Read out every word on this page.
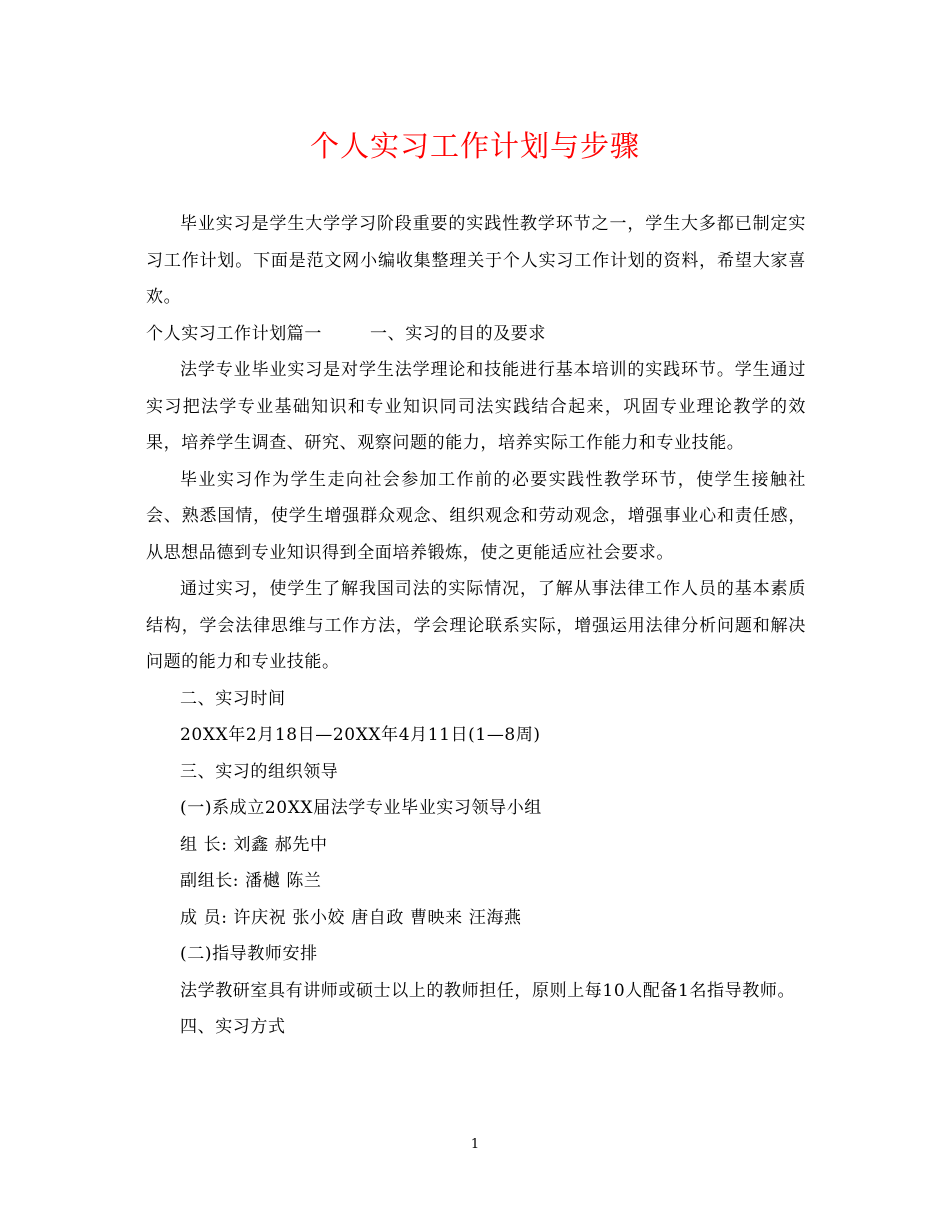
个人实习工作计划与步骤

毕业实习是学生大学学习阶段重要的实践性教学环节之一，学生大多都已制定实习工作计划。下面是范文网小编收集整理关于个人实习工作计划的资料，希望大家喜欢。

个人实习工作计划篇一	一、实习的目的及要求

法学专业毕业实习是对学生法学理论和技能进行基本培训的实践环节。学生通过实习把法学专业基础知识和专业知识同司法实践结合起来，巩固专业理论教学的效果，培养学生调查、研究、观察问题的能力，培养实际工作能力和专业技能。

毕业实习作为学生走向社会参加工作前的必要实践性教学环节，使学生接触社会、熟悉国情，使学生增强群众观念、组织观念和劳动观念，增强事业心和责任感，从思想品德到专业知识得到全面培养锻炼，使之更能适应社会要求。

通过实习，使学生了解我国司法的实际情况，了解从事法律工作人员的基本素质结构，学会法律思维与工作方法，学会理论联系实际，增强运用法律分析问题和解决问题的能力和专业技能。

二、实习时间

20XX年2月18日—20XX年4月11日(1—8周)

三、实习的组织领导

(一)系成立20XX届法学专业毕业实习领导小组

组 长: 刘鑫 郝先中

副组长: 潘樾 陈兰

成 员: 许庆祝 张小姣 唐自政 曹映来 汪海燕

(二)指导教师安排

法学教研室具有讲师或硕士以上的教师担任，原则上每10人配备1名指导教师。

四、实习方式

1
